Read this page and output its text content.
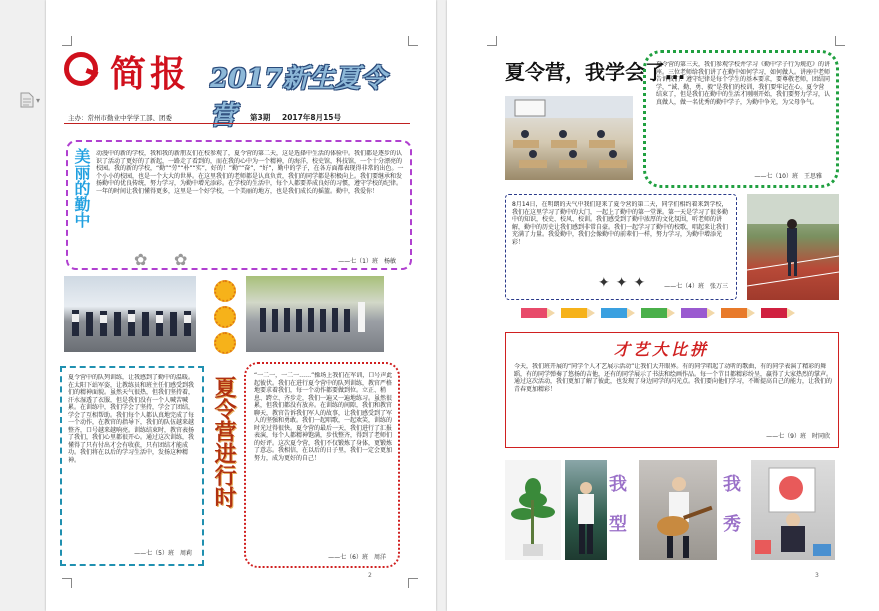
▾
简报 2017新生夏令营
主办：常州市勤业中学学工部、团委	第3期 2017年8月15号
美丽的勤中 动漫中的新的学校，我和我的新朋友们在校参观了，夏令营的第二天，这是选择中生活的体验中。我们都是逐步的认识了活动了更好的了新起，一路走了看到的，而在我的心中为一个精神，的海洋，校史馆，科技馆，一个十分漂亮的校园。我的新的学校，“勤”“劳”“朴”“实”，好的！”勤”“奋”，“好”，勤中的学子，在各方面都表现得非常的出色。一个小小的校园，也是一个大大的世界。在这里我们的老师都是认真负责，我们的同学都是积极向上。我们要继承和发扬勤中的优良传统，努力学习，为勤中增光添彩。在学校的生活中，每个人都要养成良好的习惯，遵守学校的纪律。一年的时间让我们懂得更多，这里是一个好学校，一个美丽的地方，也是我们成长的摇篮。勤中，我爱你！
——七（1）班　杨敏
✿ ✿
夏令营中的队列训练，让我感到了勤中的温暖。在太阳下站军姿，让教练员和班主任们感受到我们的精神面貌。虽然天气很热，但我们坚持着，汗水湿透了衣服，但是我们没有一个人喊苦喊累。在训练中，我们学会了坚持，学会了团结，学会了互相帮助。我们每个人都认真地完成了每一个动作，在教官的指导下，我们的队伍越来越整齐，口号越来越响亮。训练结束时，教官表扬了我们，我们心里都很开心。通过这次训练，我懂得了只有付出才会有收获，只有团结才能成功。我们将在以后的学习生活中，发扬这种精神。
——七（5）班　周莉
夏令营进行时
“一二一，一二一……”操场上我们在军训，口号声此起彼伏。我们在进行夏令营中的队列训练，教官严格地要求着我们，每一个动作都要做到位。立正、稍息、跨立、齐步走，我们一遍又一遍地练习。虽然很累，但我们都没有放弃。在训练的间隙，我们和教官聊天，教官告诉我们军人的故事，让我们感受到了军人的坚强和勇敢。我们一起唱歌，一起欢笑，训练的时光过得很快。夏令营的最后一天，我们进行了汇报表演，每个人都精神饱满，步伐整齐，得到了老师们的好评。这次夏令营，我们不仅锻炼了身体，更锻炼了意志。我相信，在以后的日子里，我们一定会更加努力，成为更好的自己！
——七（6）班　周洋
2
夏令营，我学会了…
夏令营的第三天，我们参观学校并学习《勤中学子行为规范》的讲座。三位老师给我们讲了在勤中如何学习，如何做人。讲座中老师告诉我们：遵守纪律是每个学生的基本要求，要尊敬老师，团结同学，“诚、勤、勇、毅”是我们的校训，我们要牢记在心。夏令营结束了，但是我们在勤中的生活才刚刚开始，我们要努力学习，认真做人，做一名优秀的勤中学子，为勤中争光，为父母争气。
——七（10）班　王思雅
8月14日，在明朗的天气中我们迎来了夏令营的第二天，同学们相约着来到学校，我们在这里学习了勤中的大门，一起上了勤中的第一堂课。第一天是学习了很多勤中的知识，校史、校风、校训。我们感受到了勤中浓厚的文化氛围，听老师的讲解，勤中的历史让我们感到非常自豪。我们一起学习了勤中的校歌，唱起来让我们充满了力量。我爱勤中，我们会像勤中的前辈们一样，努力学习，为勤中增添光彩！
✦✦✦ ——七（4）班　张万三
才艺大比拼
今天，我们班开展的“同学个人才艺展示活动”让我们大开眼界。有的同学唱起了动听的歌曲，有的同学表演了精彩的舞蹈，有的同学弹奏了悠扬的吉他，还有的同学展示了书法和绘画作品。每一个节目都精彩纷呈，赢得了大家热烈的掌声。通过这次活动，我们更加了解了彼此，也发现了身边同学的闪光点。我们要向他们学习，不断提高自己的能力，让我们的青春更加精彩！
——七（9）班　时同欣
我
型
我
秀
3
